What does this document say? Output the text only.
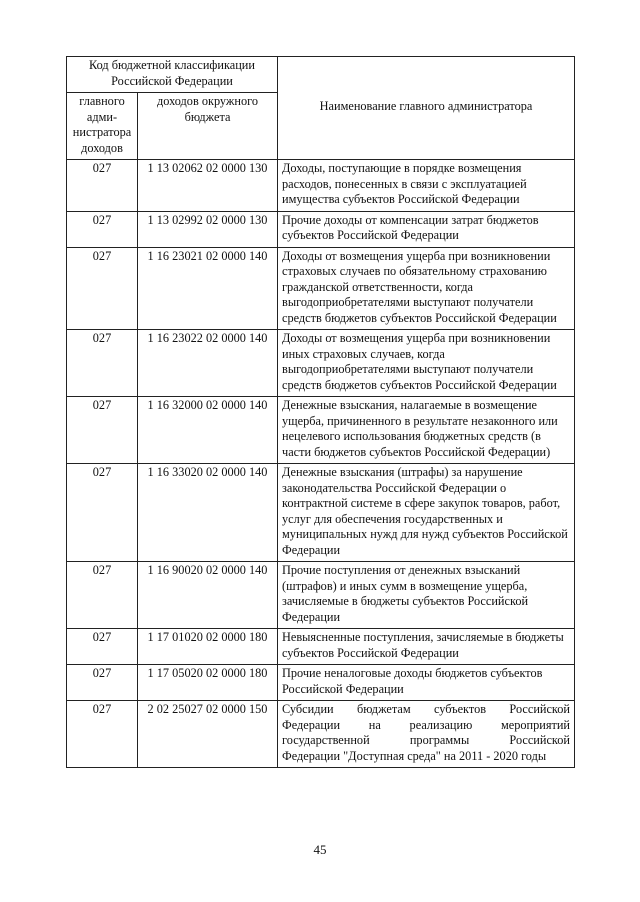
Код бюджетной классификации Российской Федерации		Наименование главного администратора
главного адми-нистратора доходов	доходов окружного бюджета	
027	1 13 02062 02 0000 130	Доходы, поступающие в порядке возмещения расходов, понесенных в связи с эксплуатацией имущества субъектов Российской Федерации
027	1 13 02992 02 0000 130	Прочие доходы от компенсации затрат бюджетов субъектов Российской Федерации
027	1 16 23021 02 0000 140	Доходы от возмещения ущерба при возникновении страховых случаев по обязательному страхованию гражданской ответственности, когда выгодоприобретателями выступают получатели средств бюджетов субъектов Российской Федерации
027	1 16 23022 02 0000 140	Доходы от возмещения ущерба при возникновении иных страховых случаев, когда выгодоприобретателями выступают получатели средств бюджетов субъектов Российской Федерации
027	1 16 32000 02 0000 140	Денежные взыскания, налагаемые в возмещение ущерба, причиненного в результате незаконного или нецелевого использования бюджетных средств (в части бюджетов субъектов Российской Федерации)
027	1 16 33020 02 0000 140	Денежные взыскания (штрафы) за нарушение законодательства Российской Федерации о контрактной системе в сфере закупок товаров, работ, услуг для обеспечения государственных и муниципальных нужд для нужд субъектов Российской Федерации
027	1 16 90020 02 0000 140	Прочие поступления от денежных взысканий (штрафов) и иных сумм в возмещение ущерба, зачисляемые в бюджеты субъектов Российской Федерации
027	1 17 01020 02 0000 180	Невыясненные поступления, зачисляемые в бюджеты субъектов Российской Федерации
027	1 17 05020 02 0000 180	Прочие неналоговые доходы бюджетов субъектов Российской Федерации
027	2 02 25027 02 0000 150	Субсидии бюджетам субъектов Российской Федерации на реализацию мероприятий государственной программы Российской
Федерации "Доступная среда" на 2011 - 2020 годы
45
